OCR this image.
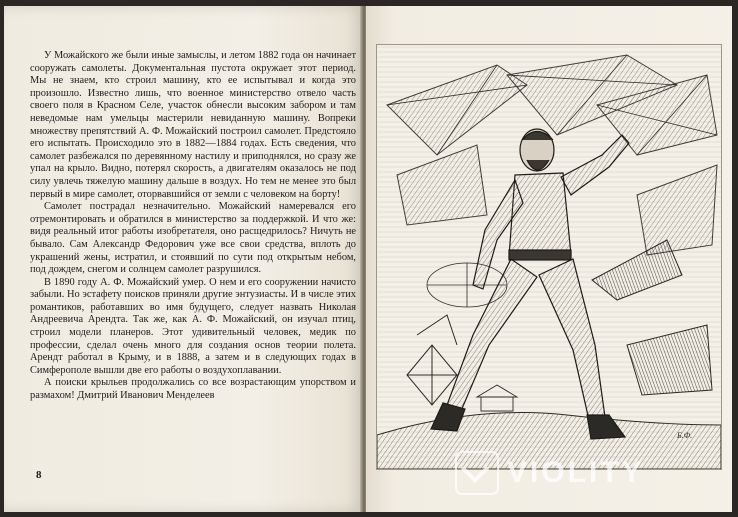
У Можайского же были иные замыслы, и летом 1882 года он начинает сооружать самолеты. Документальная пустота окружает этот период. Мы не знаем, кто строил машину, кто ее испытывал и когда это произошло. Известно лишь, что военное министерство отвело часть своего поля в Красном Селе, участок обнесли высоким забором и там неведомые нам умельцы мастерили невиданную машину. Вопреки множеству препятствий А. Ф. Можайский построил самолет. Предстояло его испытать. Происходило это в 1882—1884 годах. Есть сведения, что самолет разбежался по деревянному настилу и приподнялся, но сразу же упал на крыло. Видно, потерял скорость, а двигателям оказалось не под силу увлечь тяжелую машину дальше в воздух. Но тем не менее это был первый в мире самолет, оторвавшийся от земли с человеком на борту!

Самолет пострадал незначительно. Можайский намеревался его отремонтировать и обратился в министерство за поддержкой. И что же: видя реальный итог работы изобретателя, оно расщедрилось? Ничуть не бывало. Сам Александр Федорович уже все свои средства, вплоть до украшений жены, истратил, и стоявший по сути под открытым небом, под дождем, снегом и солнцем самолет разрушился.

В 1890 году А. Ф. Можайский умер. О нем и его сооружении начисто забыли. Но эстафету поисков приняли другие энтузиасты. И в числе этих романтиков, работавших во имя будущего, следует назвать Николая Андреевича Арендта. Так же, как А. Ф. Можайский, он изучал птиц, строил модели планеров. Этот удивительный человек, медик по профессии, сделал очень много для создания основ теории полета. Арендт работал в Крыму, и в 1888, а затем и в следующих годах в Симферополе вышли две его работы о воздухоплавании.

А поиски крыльев продолжались со все возрастающим упорством и размахом! Дмитрий Иванович Менделеев

8
Б.Ф.
VIOLITY
